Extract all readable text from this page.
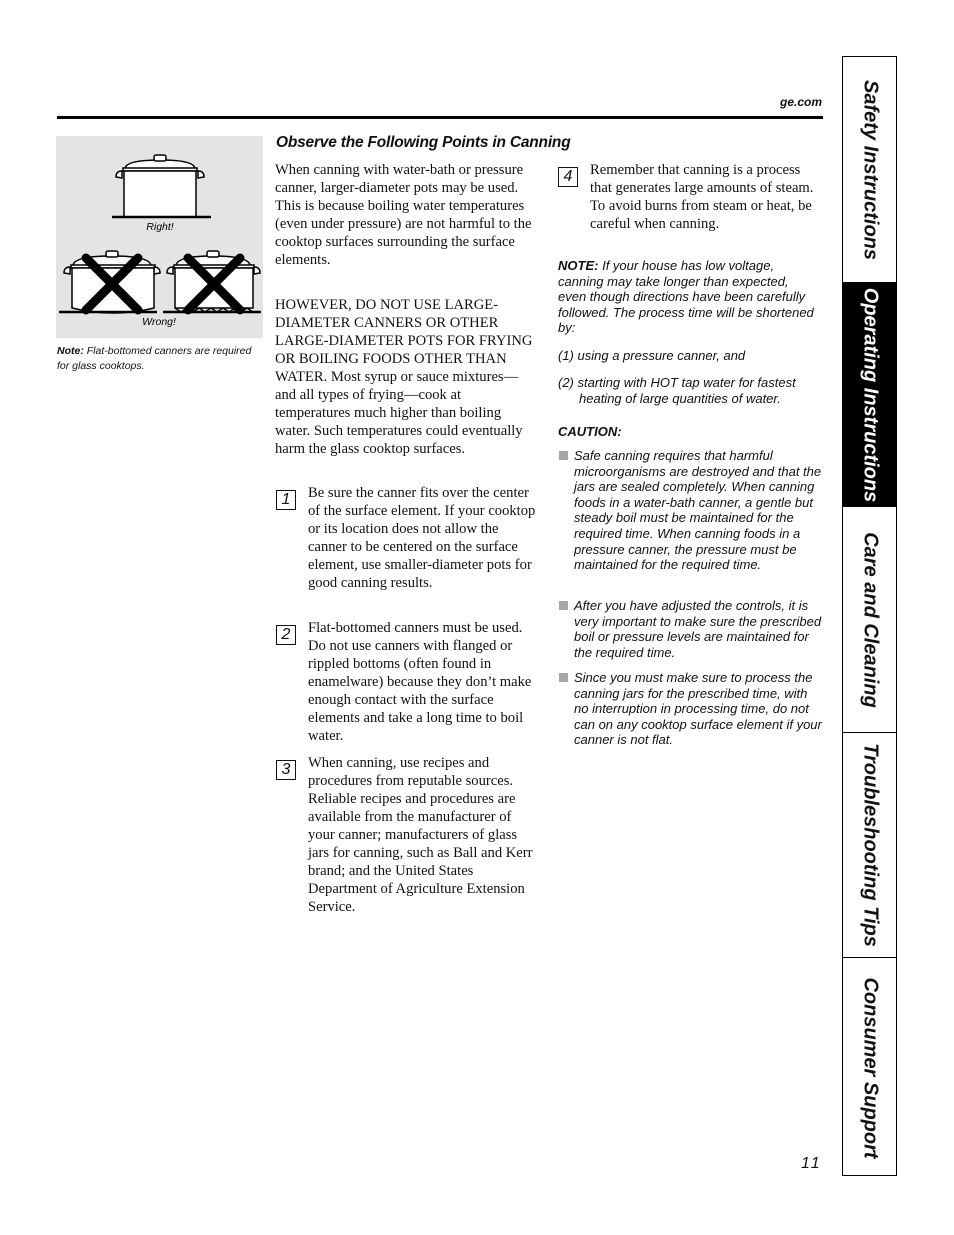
ge.com
Right!
Wrong!
Note: Flat-bottomed canners are required for glass cooktops.
Observe the Following Points in Canning
When canning with water-bath or pressure canner, larger-diameter pots may be used. This is because boiling water temperatures (even under pressure) are not harmful to the cooktop surfaces surrounding the surface elements.
HOWEVER, DO NOT USE LARGE-DIAMETER CANNERS OR OTHER LARGE-DIAMETER POTS FOR FRYING OR BOILING FOODS OTHER THAN WATER. Most syrup or sauce mixtures—and all types of frying—cook at temperatures much higher than boiling water. Such temperatures could eventually harm the glass cooktop surfaces.
1	Be sure the canner fits over the center of the surface element. If your cooktop or its location does not allow the canner to be centered on the surface element, use smaller-diameter pots for good canning results.
2	Flat-bottomed canners must be used. Do not use canners with flanged or rippled bottoms (often found in enamelware) because they don’t make enough contact with the surface elements and take a long time to boil water.
3	When canning, use recipes and procedures from reputable sources. Reliable recipes and procedures are available from the manufacturer of your canner; manufacturers of glass jars for canning, such as Ball and Kerr brand; and the United States Department of Agriculture Extension Service.
4	Remember that canning is a process that generates large amounts of steam. To avoid burns from steam or heat, be careful when canning.
NOTE: If your house has low voltage, canning may take longer than expected, even though directions have been carefully followed. The process time will be shortened by:
(1) using a pressure canner, and
(2) starting with HOT tap water for fastest heating of large quantities of water.
CAUTION:
Safe canning requires that harmful microorganisms are destroyed and that the jars are sealed completely. When canning foods in a water-bath canner, a gentle but steady boil must be maintained for the required time. When canning foods in a pressure canner, the pressure must be maintained for the required time.
After you have adjusted the controls, it is very important to make sure the prescribed boil or pressure levels are maintained for the required time.
Since you must make sure to process the canning jars for the prescribed time, with no interruption in processing time, do not can on any cooktop surface element if your canner is not flat.
Safety Instructions
Operating Instructions
Care and Cleaning
Troubleshooting Tips
Consumer Support
11
